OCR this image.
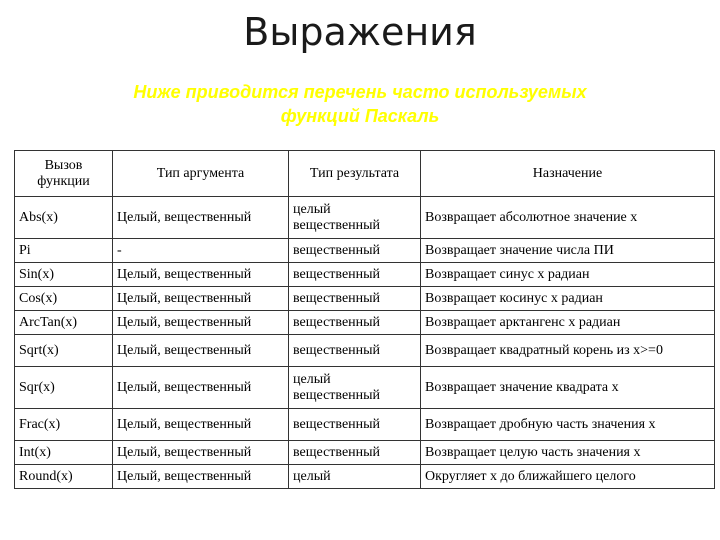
Выражения
Ниже приводится перечень часто используемых
функций Паскаль
Вызов функции	Тип аргумента	Тип результата	Назначение
Abs(x)	Целый, вещественный	целый вещественный	Возвращает абсолютное значение x
Pi	-	вещественный	Возвращает значение числа ПИ
Sin(x)	Целый, вещественный	вещественный	Возвращает синус x радиан
Cos(x)	Целый, вещественный	вещественный	Возвращает косинус x радиан
ArcTan(x)	Целый, вещественный	вещественный	Возвращает арктангенс x радиан
Sqrt(x)	Целый, вещественный	вещественный	Возвращает квадратный корень из x>=0
Sqr(x)	Целый, вещественный	целый вещественный	Возвращает значение квадрата x
Frac(x)	Целый, вещественный	вещественный	Возвращает дробную часть значения x
Int(x)	Целый, вещественный	вещественный	Возвращает целую часть значения x
Round(x)	Целый, вещественный	целый	Округляет x до ближайшего целого
